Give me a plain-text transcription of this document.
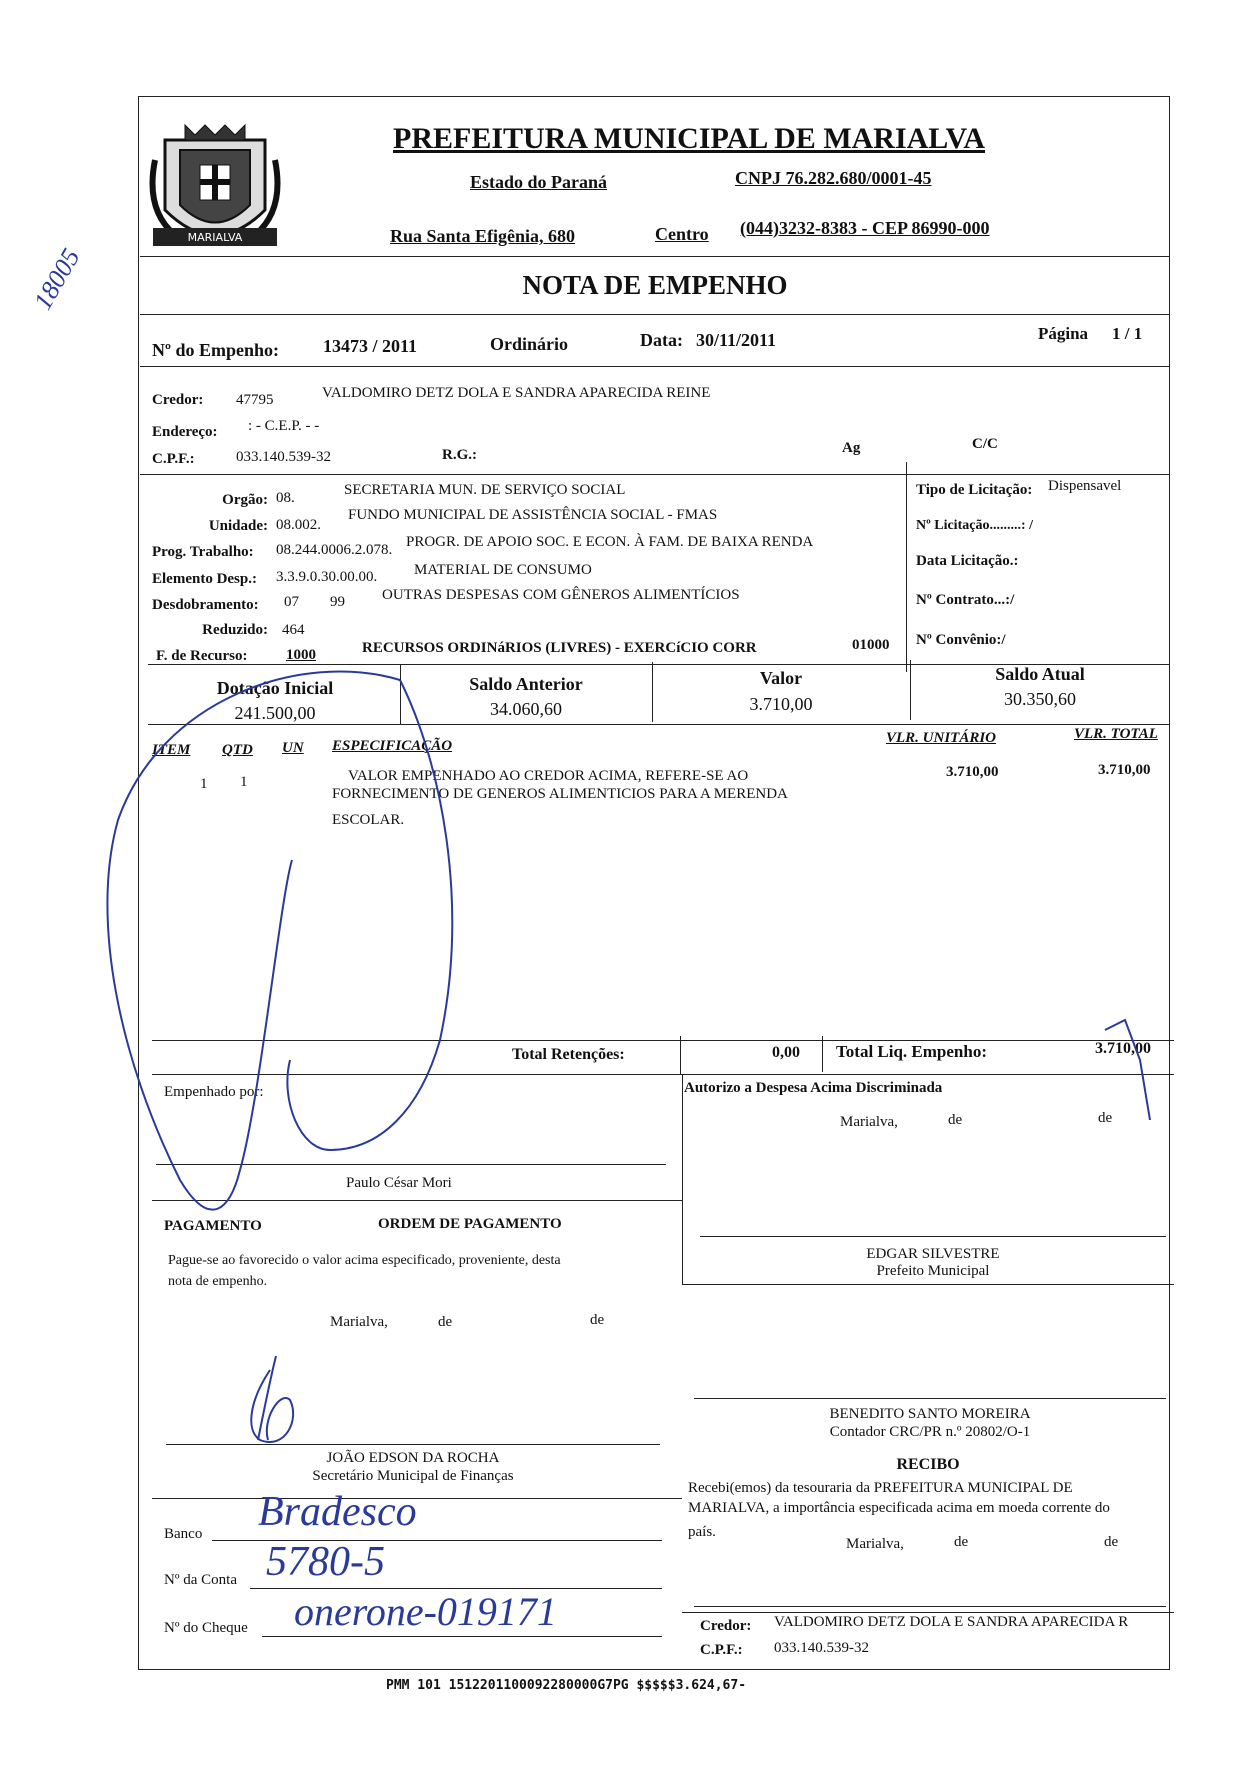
MARIALVA
PREFEITURA MUNICIPAL DE MARIALVA
Estado do Paraná	CNPJ 76.282.680/0001-45
Rua Santa Efigênia, 680	Centro (044)3232-8383 - CEP 86990-000
NOTA DE EMPENHO
18005
Nº do Empenho: 13473 / 2011	Ordinário	Data: 30/11/2011	Página 1 / 1
Credor: 47795	VALDOMIRO DETZ DOLA E SANDRA APARECIDA REINE
Endereço: : - C.E.P. - -
C.P.F.:	033.140.539-32	R.G.:	Ag	C/C
Orgão: 08.	SECRETARIA MUN. DE SERVIÇO SOCIAL
Unidade: 08.002.
FUNDO MUNICIPAL DE ASSISTÊNCIA SOCIAL - FMAS
Prog. Trabalho: 08.244.0006.2.078. PROGR. DE APOIO SOC. E ECON. À FAM. DE BAIXA RENDA
Elemento Desp.: 3.3.9.0.30.00.00. MATERIAL DE CONSUMO
Desdobramento: 07 99 OUTRAS DESPESAS COM GÊNEROS ALIMENTÍCIOS
Reduzido: 464
F. de Recurso:	1000	RECURSOS ORDINáRIOS (LIVRES) - EXERCíCIO CORR	01000
Tipo de Licitação: Dispensavel
Nº Licitação.........: /
Data Licitação.:
Nº Contrato...:/
Nº Convênio:/
Dotação Inicial
241.500,00
Saldo Anterior
34.060,60
Valor
3.710,00
Saldo Atual
30.350,60
ITEM QTD UN ESPECIFICAÇÃO	VLR. UNITÁRIO	VLR. TOTAL
1 1	VALOR EMPENHADO AO CREDOR ACIMA, REFERE-SE AO
FORNECIMENTO DE GENEROS ALIMENTICIOS PARA A MERENDA
ESCOLAR.
3.710,00	3.710,00
Total Retenções:	0,00 Total Liq. Empenho:	3.710,00
Empenhado por:
Paulo César Mori
Autorizo a Despesa Acima Discriminada
Marialva,	de	de
EDGAR SILVESTRE
Prefeito Municipal
BENEDITO SANTO MOREIRA
Contador CRC/PR n.º 20802/O-1
PAGAMENTO	ORDEM DE PAGAMENTO
Pague-se ao favorecido o valor acima especificado, proveniente, desta
nota de empenho.
Marialva,	de	de
JOÃO EDSON DA ROCHA
Secretário Municipal de Finanças
Banco Bradesco
Nº da Conta 5780-5
Nº do Cheque onerone-019171
RECIBO
Recebi(emos) da tesouraria da PREFEITURA MUNICIPAL DE
MARIALVA, a importância especificada acima em moeda corrente do
país.
Marialva,	de	de
Credor: VALDOMIRO DETZ DOLA E SANDRA APARECIDA R
C.P.F.: 033.140.539-32
PMM 101 1512201100092280000G7PG $$$$$3.624,67-
